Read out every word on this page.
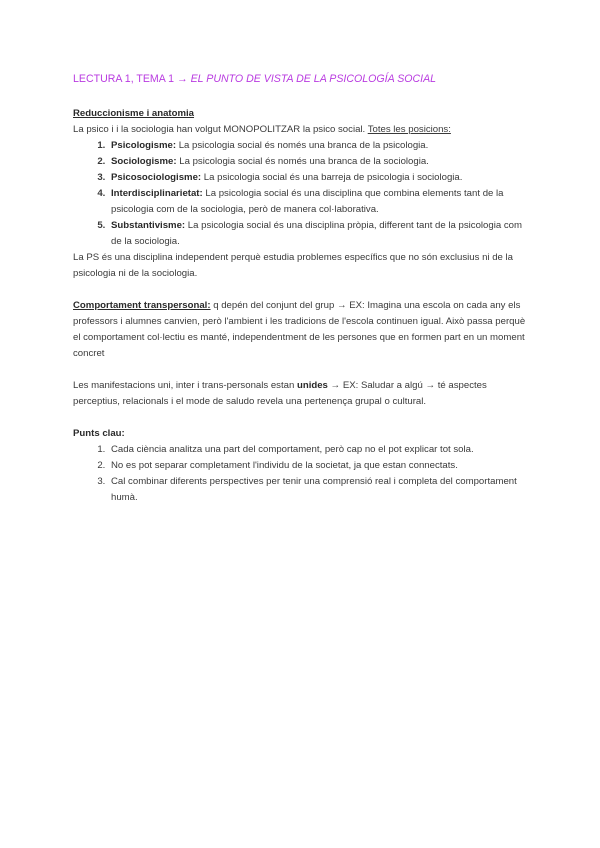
LECTURA 1, TEMA 1 → EL PUNTO DE VISTA DE LA PSICOLOGÍA SOCIAL

Reduccionisme i anatomia

La psico i i la sociologia han volgut MONOPOLITZAR la psico social. Totes les posicions:

1. Psicologisme: La psicologia social és només una branca de la psicologia.
2. Sociologisme: La psicologia social és només una branca de la sociologia.
3. Psicosociologisme: La psicologia social és una barreja de psicologia i sociologia.
4. Interdisciplinarietat: La psicologia social és una disciplina que combina elements tant de la psicologia com de la sociologia, però de manera col·laborativa.
5. Substantivisme: La psicologia social és una disciplina pròpia, different tant de la psicologia com de la sociologia.

La PS és una disciplina independent perquè estudia problemes específics que no són exclusius ni de la psicologia ni de la sociologia.

Comportament transpersonal: q depén del conjunt del grup → EX: Imagina una escola on cada any els professors i alumnes canvien, però l'ambient i les tradicions de l'escola continuen igual. Això passa perquè el comportament col·lectiu es manté, independentment de les persones que en formen part en un moment concret

Les manifestacions uni, inter i trans-personals estan unides → EX: Saludar a algú → té aspectes perceptius, relacionals i el mode de saludo revela una pertenença grupal o cultural.

Punts clau:

1. Cada ciència analitza una part del comportament, però cap no el pot explicar tot sola.
2. No es pot separar completament l'individu de la societat, ja que estan connectats.
3. Cal combinar diferents perspectives per tenir una comprensió real i completa del comportament humà.
